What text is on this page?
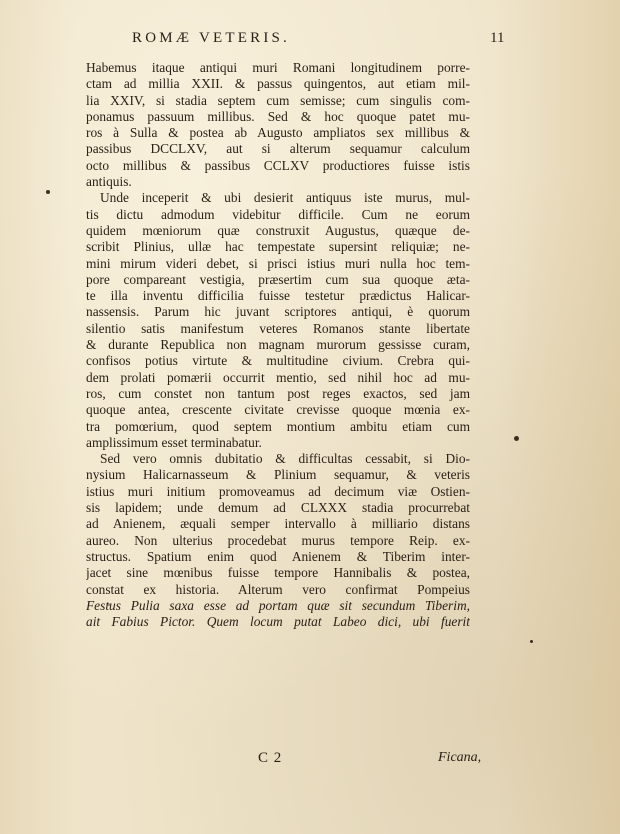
ROMÆ VETERIS.	11
Habemus itaque antiqui muri Romani longitudinem porre-
ctam ad millia XXII. & passus quingentos, aut etiam mil-
lia XXIV, si stadia septem cum semisse; cum singulis com-
ponamus passuum millibus. Sed & hoc quoque patet mu-
ros à Sulla & postea ab Augusto ampliatos sex millibus &
passibus DCCLXV, aut si alterum sequamur calculum
octo millibus & passibus CCLXV productiores fuisse istis
antiquis.
Unde inceperit & ubi desierit antiquus iste murus, mul-
tis dictu admodum videbitur difficile. Cum ne eorum
quidem mœniorum quæ construxit Augustus, quæque de-
scribit Plinius, ullæ hac tempestate supersint reliquiæ; ne-
mini mirum videri debet, si prisci istius muri nulla hoc tem-
pore compareant vestigia, præsertim cum sua quoque æta-
te illa inventu difficilia fuisse testetur prædictus Halicar-
nassensis. Parum hic juvant scriptores antiqui, è quorum
silentio satis manifestum veteres Romanos stante libertate
& durante Republica non magnam murorum gessisse curam,
confisos potius virtute & multitudine civium. Crebra qui-
dem prolati pomærii occurrit mentio, sed nihil hoc ad mu-
ros, cum constet non tantum post reges exactos, sed jam
quoque antea, crescente civitate crevisse quoque mœnia ex-
tra pomœrium, quod septem montium ambitu etiam cum
amplissimum esset terminabatur.
Sed vero omnis dubitatio & difficultas cessabit, si Dio-
nysium Halicarnasseum & Plinium sequamur, & veteris
istius muri initium promoveamus ad decimum viæ Ostien-
sis lapidem; unde demum ad CLXXX stadia procurrebat
ad Anienem, æquali semper intervallo à milliario distans
aureo. Non ulterius procedebat murus tempore Reip. ex-
structus. Spatium enim quod Anienem & Tiberim inter-
jacet sine mœnibus fuisse tempore Hannibalis & postea,
constat ex historia. Alterum vero confirmat Pompeius
Festus Pulia saxa esse ad portam quæ sit secundum Tiberim,
ait Fabius Pictor. Quem locum putat Labeo dici, ubi fuerit
C 2	Ficana,
